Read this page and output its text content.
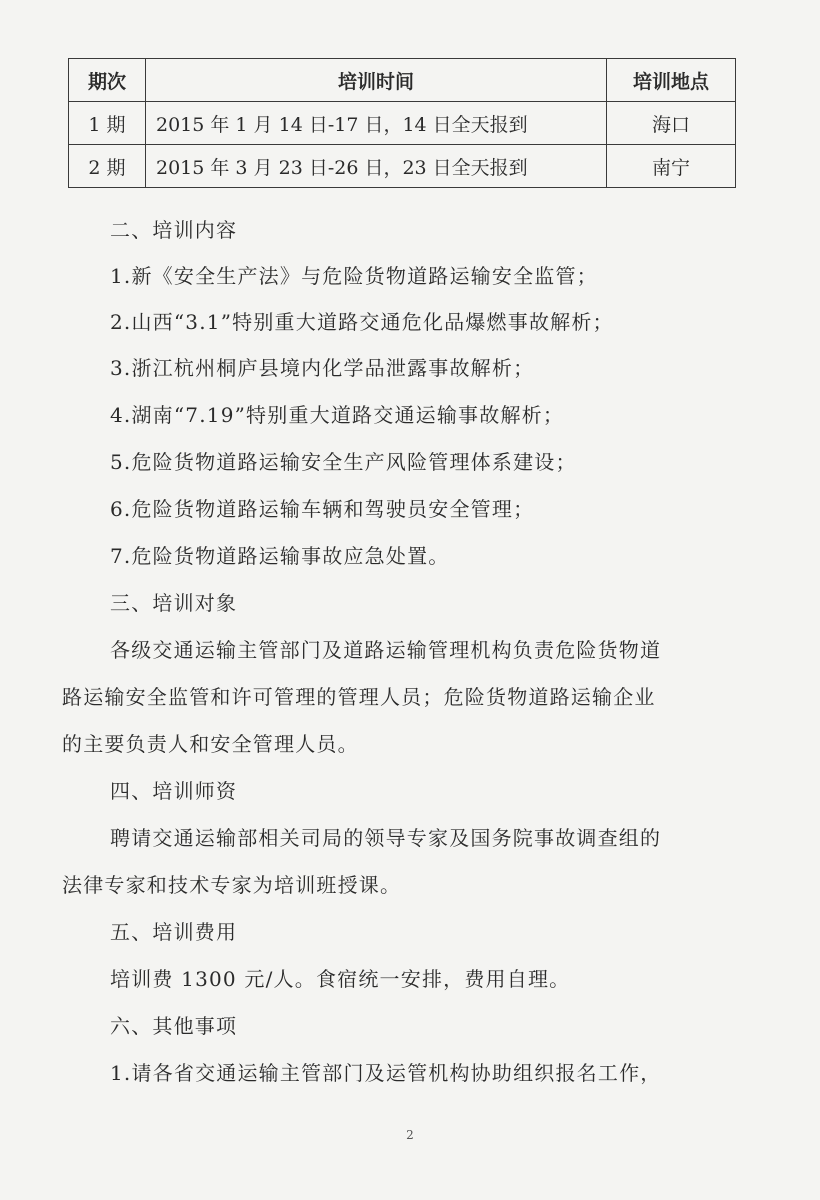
期次	培训时间	培训地点
1 期	2015 年 1 月 14 日-17 日，14 日全天报到	海口
2 期	2015 年 3 月 23 日-26 日，23 日全天报到	南宁
二、培训内容
1.新《安全生产法》与危险货物道路运输安全监管；
2.山西“3.1”特别重大道路交通危化品爆燃事故解析；
3.浙江杭州桐庐县境内化学品泄露事故解析；
4.湖南“7.19”特别重大道路交通运输事故解析；
5.危险货物道路运输安全生产风险管理体系建设；
6.危险货物道路运输车辆和驾驶员安全管理；
7.危险货物道路运输事故应急处置。
三、培训对象
各级交通运输主管部门及道路运输管理机构负责危险货物道
路运输安全监管和许可管理的管理人员；危险货物道路运输企业
的主要负责人和安全管理人员。
四、培训师资
聘请交通运输部相关司局的领导专家及国务院事故调查组的
法律专家和技术专家为培训班授课。
五、培训费用
培训费 1300 元/人。食宿统一安排，费用自理。
六、其他事项
1.请各省交通运输主管部门及运管机构协助组织报名工作，
2
